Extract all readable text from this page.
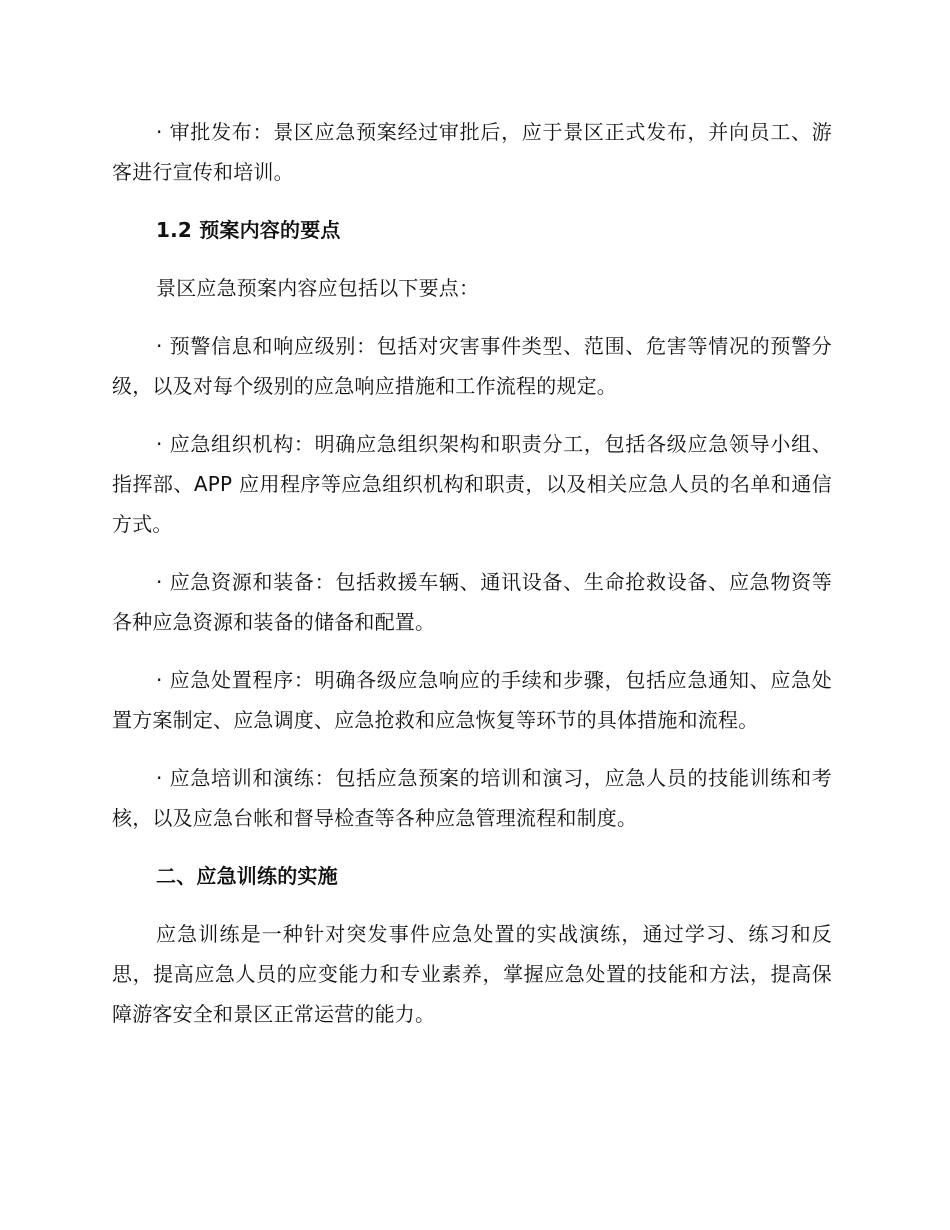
· 审批发布：景区应急预案经过审批后，应于景区正式发布，并向员工、游客进行宣传和培训。

1.2 预案内容的要点

景区应急预案内容应包括以下要点：

· 预警信息和响应级别：包括对灾害事件类型、范围、危害等情况的预警分级，以及对每个级别的应急响应措施和工作流程的规定。

· 应急组织机构：明确应急组织架构和职责分工，包括各级应急领导小组、指挥部、APP 应用程序等应急组织机构和职责，以及相关应急人员的名单和通信方式。

· 应急资源和装备：包括救援车辆、通讯设备、生命抢救设备、应急物资等各种应急资源和装备的储备和配置。

· 应急处置程序：明确各级应急响应的手续和步骤，包括应急通知、应急处置方案制定、应急调度、应急抢救和应急恢复等环节的具体措施和流程。

· 应急培训和演练：包括应急预案的培训和演习，应急人员的技能训练和考核，以及应急台帐和督导检查等各种应急管理流程和制度。

二、应急训练的实施

应急训练是一种针对突发事件应急处置的实战演练，通过学习、练习和反思，提高应急人员的应变能力和专业素养，掌握应急处置的技能和方法，提高保障游客安全和景区正常运营的能力。
